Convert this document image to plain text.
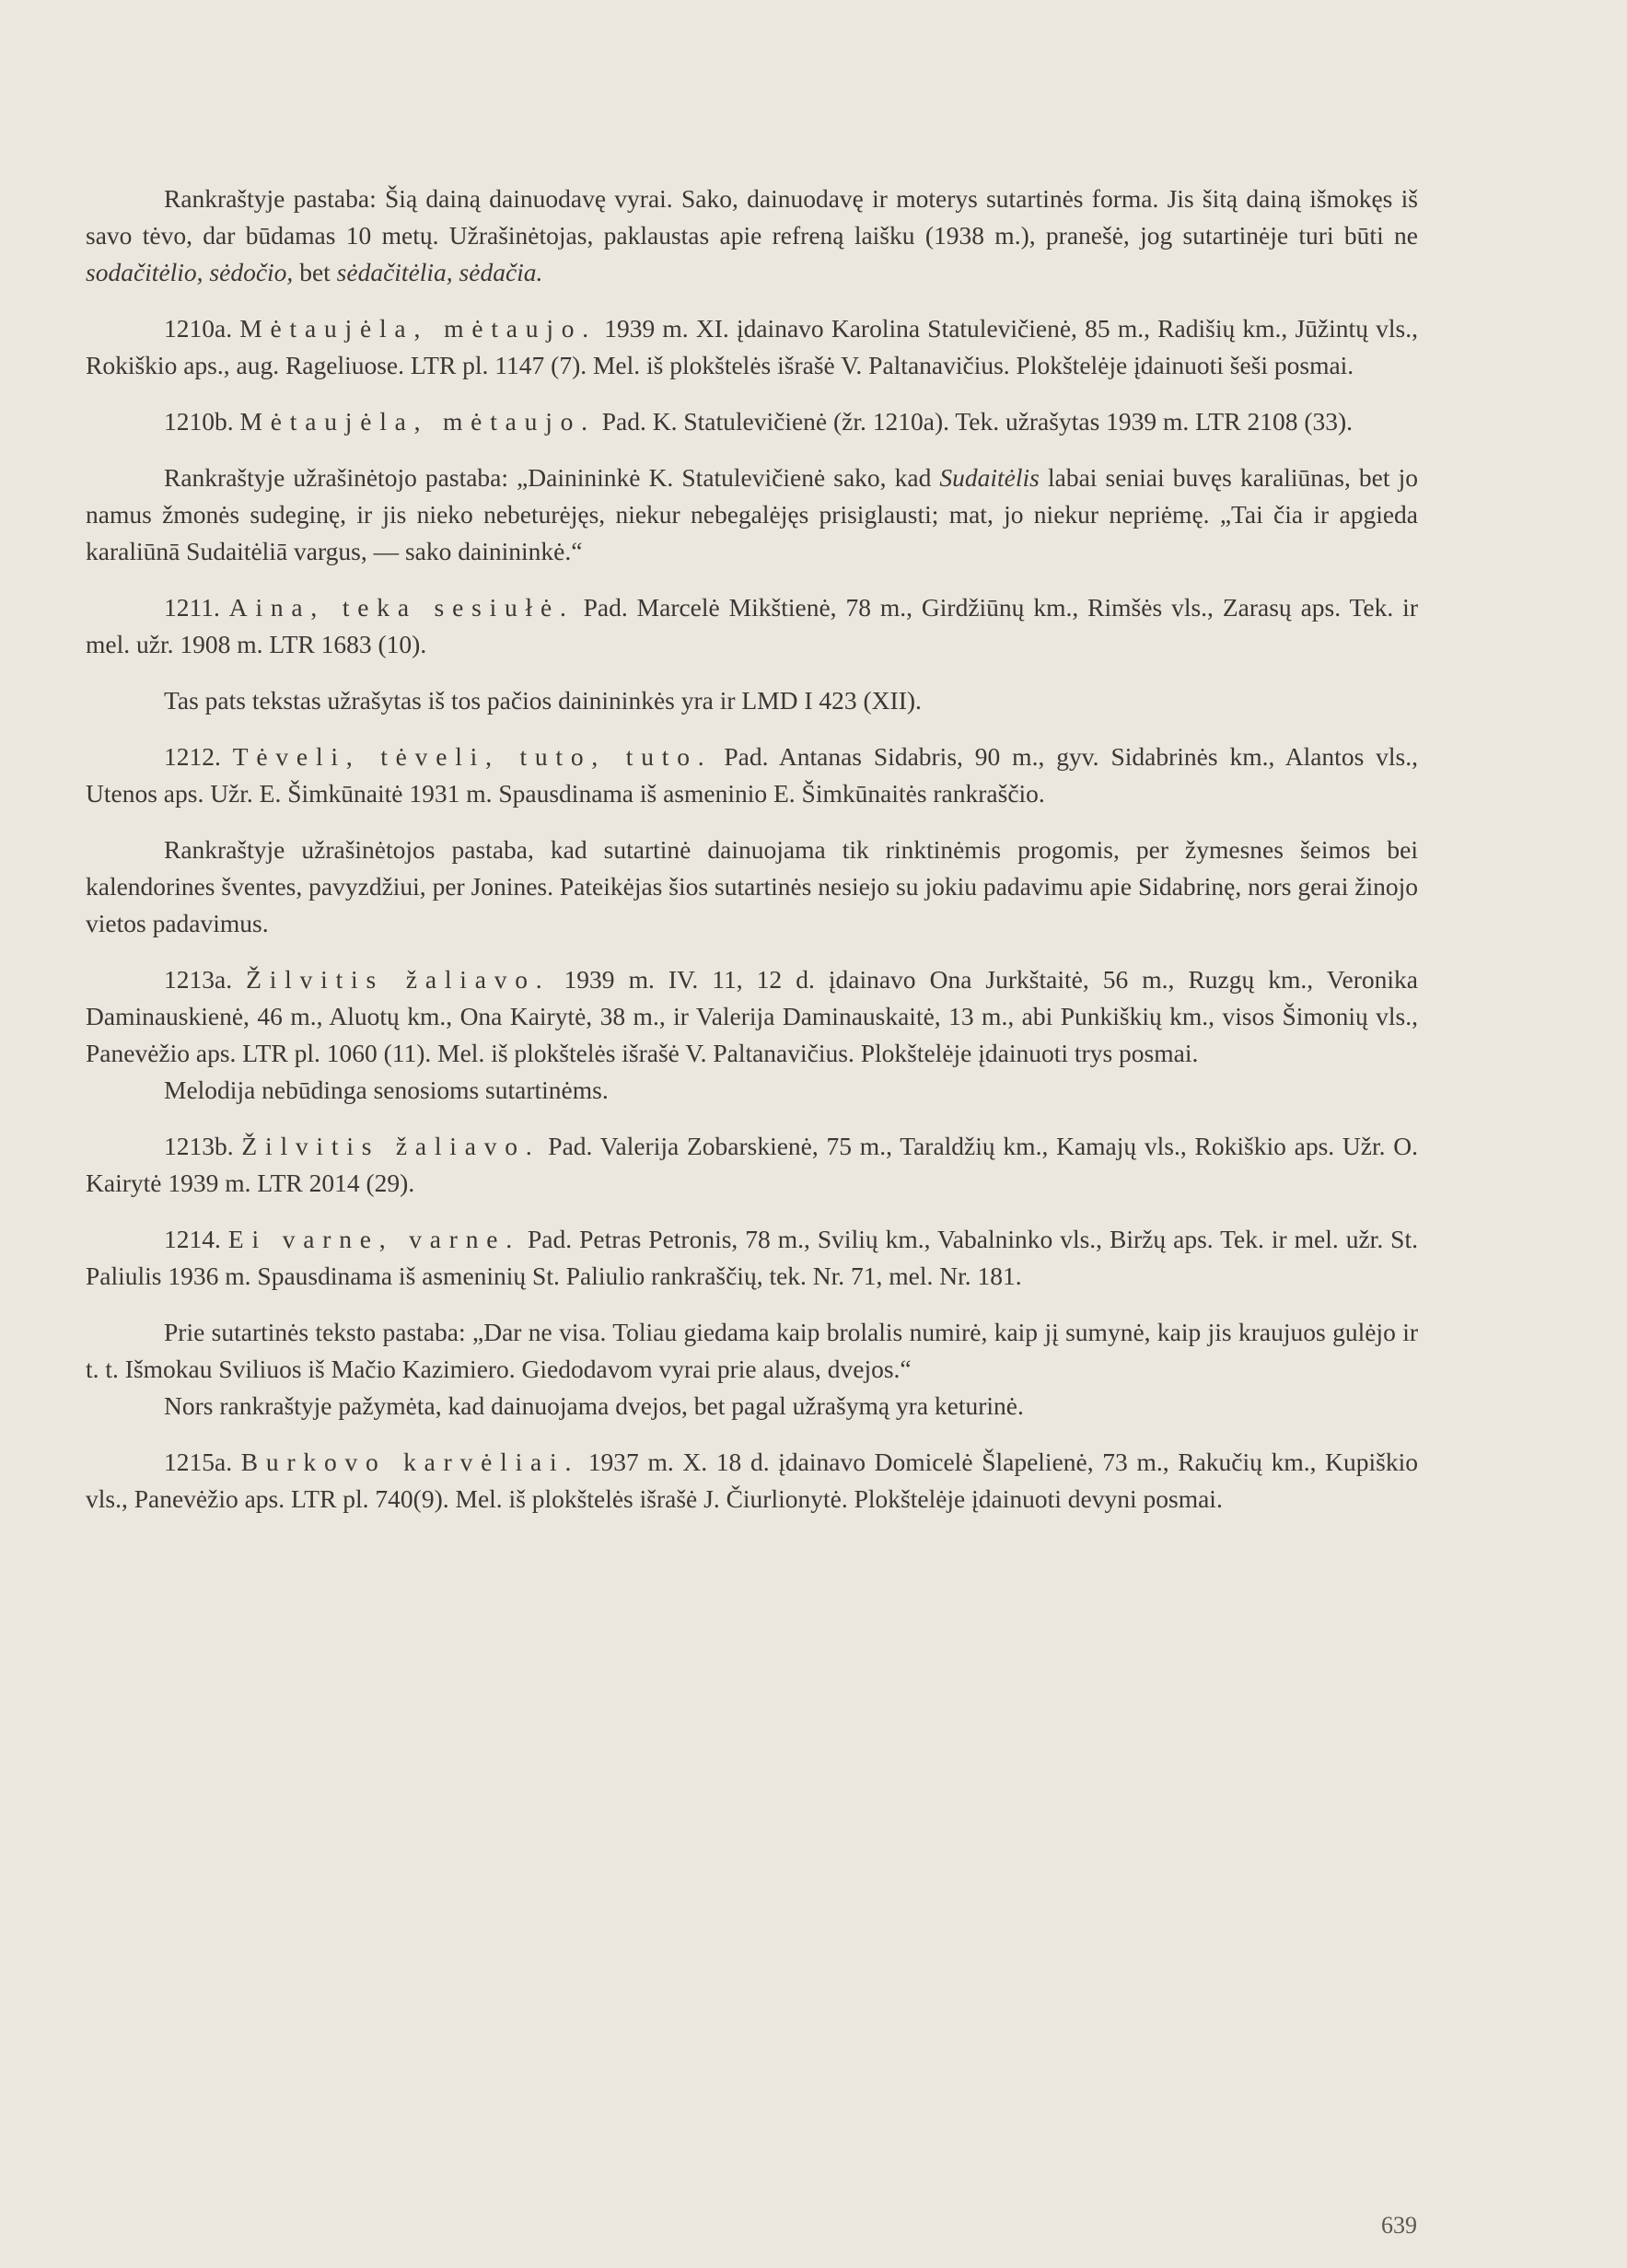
Rankraštyje pastaba: Šią dainą dainuodavę vyrai. Sako, dainuodavę ir moterys sutartinės forma. Jis šitą dainą išmokęs iš savo tėvo, dar būdamas 10 metų. Užrašinėtojas, paklaustas apie refreną laišku (1938 m.), pranešė, jog sutartinėje turi būti ne sodačitėlio, sėdočio, bet sėdačitėlia, sėdačia.

1210a. Mėtaujėla, mėtaujo. 1939 m. XI. įdainavo Karolina Statulevičienė, 85 m., Radišių km., Jūžintų vls., Rokiškio aps., aug. Rageliuose. LTR pl. 1147 (7). Mel. iš plokštelės išrašė V. Paltanavičius. Plokštelėje įdainuoti šeši posmai.

1210b. Mėtaujėla, mėtaujo. Pad. K. Statulevičienė (žr. 1210a). Tek. užrašytas 1939 m. LTR 2108 (33).

Rankraštyje užrašinėtojo pastaba: „Dainininkė K. Statulevičienė sako, kad Sudaitėlis labai seniai buvęs karaliūnas, bet jo namus žmonės sudeginę, ir jis nieko nebeturėjęs, niekur nebegalėjęs prisiglausti; mat, jo niekur nepriėmę. „Tai čia ir apgieda karaliūnā Sudaitėliā vargus, — sako dainininkė.“

1211. Aina, teka sesiułė. Pad. Marcelė Mikštienė, 78 m., Girdžiūnų km., Rimšės vls., Zarasų aps. Tek. ir mel. užr. 1908 m. LTR 1683 (10).

Tas pats tekstas užrašytas iš tos pačios dainininkės yra ir LMD I 423 (XII).

1212. Tėveli, tėveli, tuto, tuto. Pad. Antanas Sidabris, 90 m., gyv. Sidabrinės km., Alantos vls., Utenos aps. Užr. E. Šimkūnaitė 1931 m. Spausdinama iš asmeninio E. Šimkūnaitės rankraščio.

Rankraštyje užrašinėtojos pastaba, kad sutartinė dainuojama tik rinktinėmis progomis, per žymesnes šeimos bei kalendorines šventes, pavyzdžiui, per Jonines. Pateikėjas šios sutartinės nesiejo su jokiu padavimu apie Sidabrinę, nors gerai žinojo vietos padavimus.

1213a. Žilvitis žaliavo. 1939 m. IV. 11, 12 d. įdainavo Ona Jurkštaitė, 56 m., Ruzgų km., Veronika Daminauskienė, 46 m., Aluotų km., Ona Kairytė, 38 m., ir Valerija Daminauskaitė, 13 m., abi Punkiškių km., visos Šimonių vls., Panevėžio aps. LTR pl. 1060 (11). Mel. iš plokštelės išrašė V. Paltanavičius. Plokštelėje įdainuoti trys posmai.

Melodija nebūdinga senosioms sutartinėms.

1213b. Žilvitis žaliavo. Pad. Valerija Zobarskienė, 75 m., Taraldžių km., Kamajų vls., Rokiškio aps. Užr. O. Kairytė 1939 m. LTR 2014 (29).

1214. Ei varne, varne. Pad. Petras Petronis, 78 m., Svilių km., Vabalninko vls., Biržų aps. Tek. ir mel. užr. St. Paliulis 1936 m. Spausdinama iš asmeninių St. Paliulio rankraščių, tek. Nr. 71, mel. Nr. 181.

Prie sutartinės teksto pastaba: „Dar ne visa. Toliau giedama kaip brolalis numirė, kaip jį sumynė, kaip jis kraujuos gulėjo ir t. t. Išmokau Sviliuos iš Mačio Kazimiero. Giedodavom vyrai prie alaus, dvejos.“

Nors rankraštyje pažymėta, kad dainuojama dvejos, bet pagal užrašymą yra keturinė.

1215a. Burkovo karvėliai. 1937 m. X. 18 d. įdainavo Domicelė Šlapelienė, 73 m., Rakučių km., Kupiškio vls., Panevėžio aps. LTR pl. 740(9). Mel. iš plokštelės išrašė J. Čiurlionytė. Plokštelėje įdainuoti devyni posmai.

639
